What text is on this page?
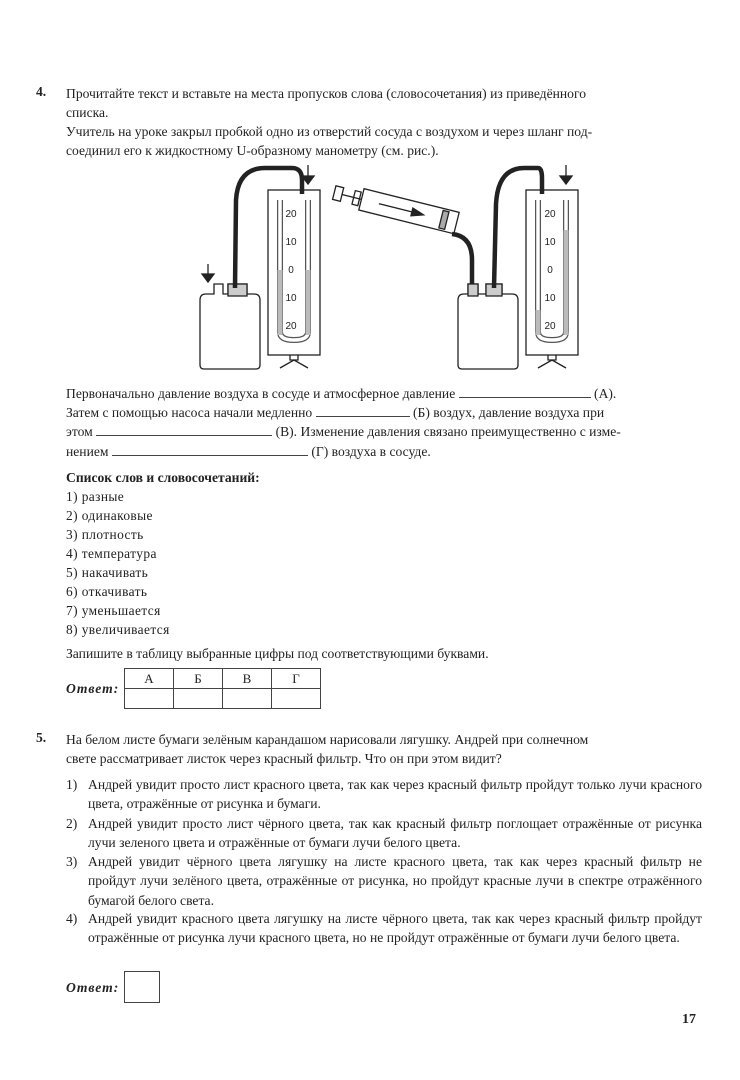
4. Прочитайте текст и вставьте на места пропусков слова (словосочетания) из приведённого
списка.
Учитель на уроке закрыл пробкой одно из отверстий сосуда с воздухом и через шланг под-
соединил его к жидкостному U-образному манометру (см. рис.).
20
10
0
10
20
20
10
0
10
20
Первоначально давление воздуха в сосуде и атмосферное давление	(А).
Затем с помощью насоса начали медленно	(Б) воздух, давление воздуха при
этом	(В). Изменение давления связано преимущественно с изме-
нением	(Г) воздуха в сосуде.
Список слов и словосочетаний:
1) разные
2) одинаковые
3) плотность
4) температура
5) накачивать
6) откачивать
7) уменьшается
8) увеличивается
Запишите в таблицу выбранные цифры под соответствующими буквами.
Ответ:
А	Б	В	Г

5. На белом листе бумаги зелёным карандашом нарисовали лягушку. Андрей при солнечном
свете рассматривает листок через красный фильтр. Что он при этом видит?
1) Андрей увидит просто лист красного цвета, так как через красный фильтр пройдут только лучи красного цвета, отражённые от рисунка и бумаги.
2) Андрей увидит просто лист чёрного цвета, так как красный фильтр поглощает отражённые от рисунка лучи зеленого цвета и отражённые от бумаги лучи белого цвета.
3) Андрей увидит чёрного цвета лягушку на листе красного цвета, так как через красный фильтр не пройдут лучи зелёного цвета, отражённые от рисунка, но пройдут красные лучи в спектре отражённого бумагой белого света.
4) Андрей увидит красного цвета лягушку на листе чёрного цвета, так как через красный фильтр пройдут отражённые от рисунка лучи красного цвета, но не пройдут отражённые от бумаги лучи белого цвета.
Ответ:
17
